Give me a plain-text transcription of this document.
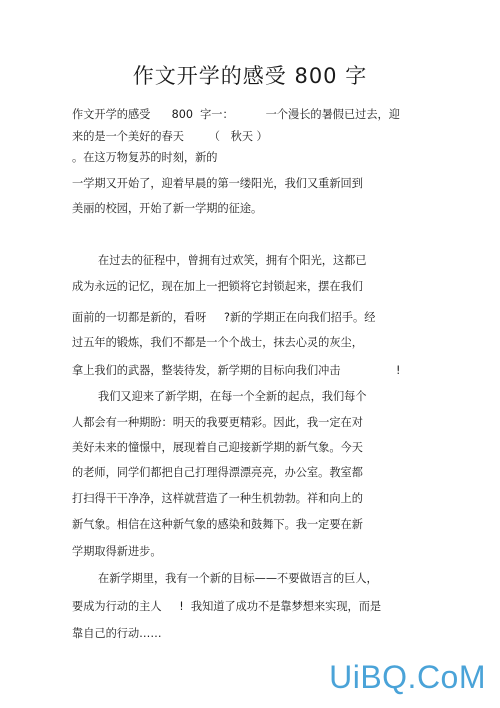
作文开学的感受 800 字
作文开学的感受      800  字一：         一个漫长的暑假已过去，迎
来的是一个美好的春天       （   秋天 ）
。在这万物复苏的时刻，新的
一学期又开始了，迎着早晨的第一缕阳光，我们又重新回到
美丽的校园，开始了新一学期的征途。
在过去的征程中，曾拥有过欢笑，拥有个阳光，这都已
成为永远的记忆，现在加上一把锁将它封锁起来，摆在我们
面前的一切都是新的，看呀     ?新的学期正在向我们招手。经
过五年的锻炼，我们不都是一个个战士，抹去心灵的灰尘，
拿上我们的武器，整装待发，新学期的目标向我们冲击	!
我们又迎来了新学期，在每一个全新的起点，我们每个
人都会有一种期盼：明天的我要更精彩。因此，我一定在对
美好未来的憧憬中，展现着自己迎接新学期的新气象。今天
的老师，同学们都把自己打理得漂漂亮亮，办公室。教室都
打扫得干干净净，这样就营造了一种生机勃勃。祥和向上的
新气象。相信在这种新气象的感染和鼓舞下。我一定要在新
学期取得新进步。
在新学期里，我有一个新的目标——不要做语言的巨人，
要成为行动的主人     !  我知道了成功不是靠梦想来实现，而是
靠自己的行动……
UiBQ.CoM
